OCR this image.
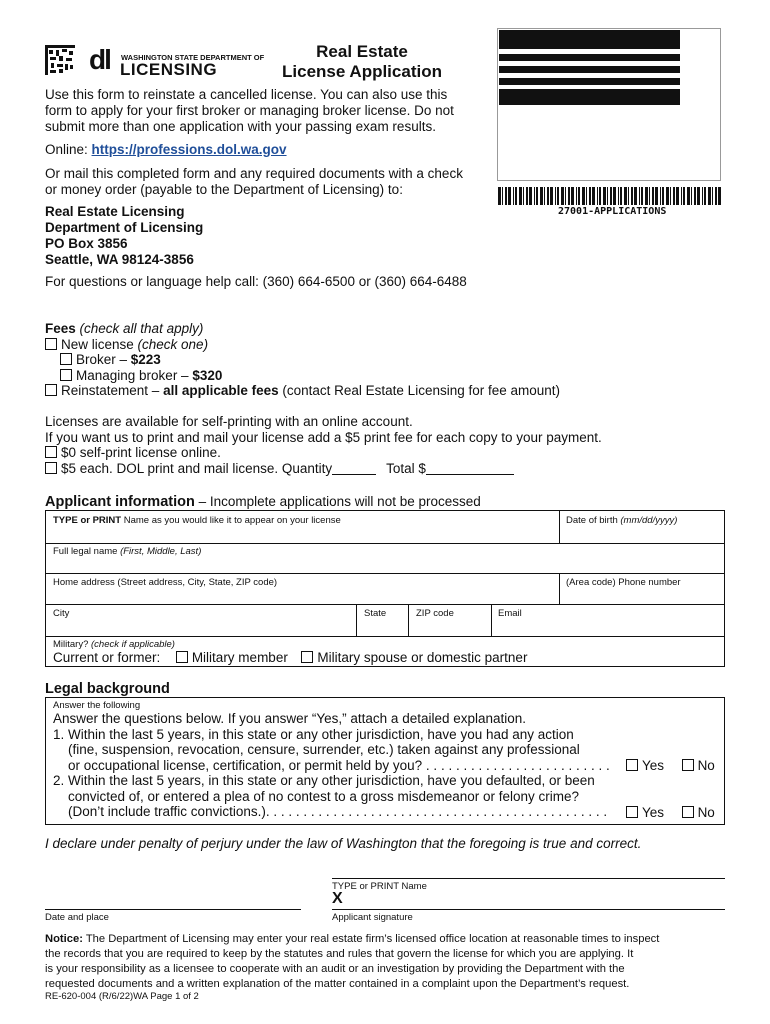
dl WASHINGTON STATE DEPARTMENT OF
LICENSING
Real Estate
License Application
27001-APPLICATIONS
Use this form to reinstate a cancelled license. You can also use this
form to apply for your first broker or managing broker license. Do not
submit more than one application with your passing exam results.
Online: https://professions.dol.wa.gov
Or mail this completed form and any required documents with a check
or money order (payable to the Department of Licensing) to:
Real Estate Licensing
Department of Licensing
PO Box 3856
Seattle, WA 98124-3856
For questions or language help call: (360) 664-6500 or (360) 664-6488
Fees (check all that apply)
New license (check one)
Broker – $223
Managing broker – $320
Reinstatement – all applicable fees (contact Real Estate Licensing for fee amount)
Licenses are available for self-printing with an online account.
If you want us to print and mail your license add a $5 print fee for each copy to your payment.
$0 self-print license online.
$5 each. DOL print and mail license. Quantity	Total $
Applicant information – Incomplete applications will not be processed
TYPE or PRINT Name as you would like it to appear on your license	Date of birth (mm/dd/yyyy)
Full legal name (First, Middle, Last)
Home address (Street address, City, State, ZIP code)	(Area code) Phone number
City	State	ZIP code	Email
Military? (check if applicable)
Current or former: Military member Military spouse or domestic partner
Legal background
Answer the following
Answer the questions below. If you answer “Yes,” attach a detailed explanation.
1. Within the last 5 years, in this state or any other jurisdiction, have you had any action
(fine, suspension, revocation, censure, surrender, etc.) taken against any professional
or occupational license, certification, or permit held by you? . . . . . . . . . . . . . . . . . . . . . . . . .
2. Within the last 5 years, in this state or any other jurisdiction, have you defaulted, or been
convicted of, or entered a plea of no contest to a gross misdemeanor or felony crime?
(Don’t include traffic convictions.). . . . . . . . . . . . . . . . . . . . . . . . . . . . . . . . . . . . . . . . . . . . . .
Yes No
Yes No
I declare under penalty of perjury under the law of Washington that the foregoing is true and correct.
TYPE or PRINT Name
X
Date and place	Applicant signature
Notice: The Department of Licensing may enter your real estate firm’s licensed office location at reasonable times to inspect
the records that you are required to keep by the statutes and rules that govern the license for which you are applying. It
is your responsibility as a licensee to cooperate with an audit or an investigation by providing the Department with the
requested documents and a written explanation of the matter contained in a complaint upon the Department’s request.
RE-620-004 (R/6/22)WA Page 1 of 2
